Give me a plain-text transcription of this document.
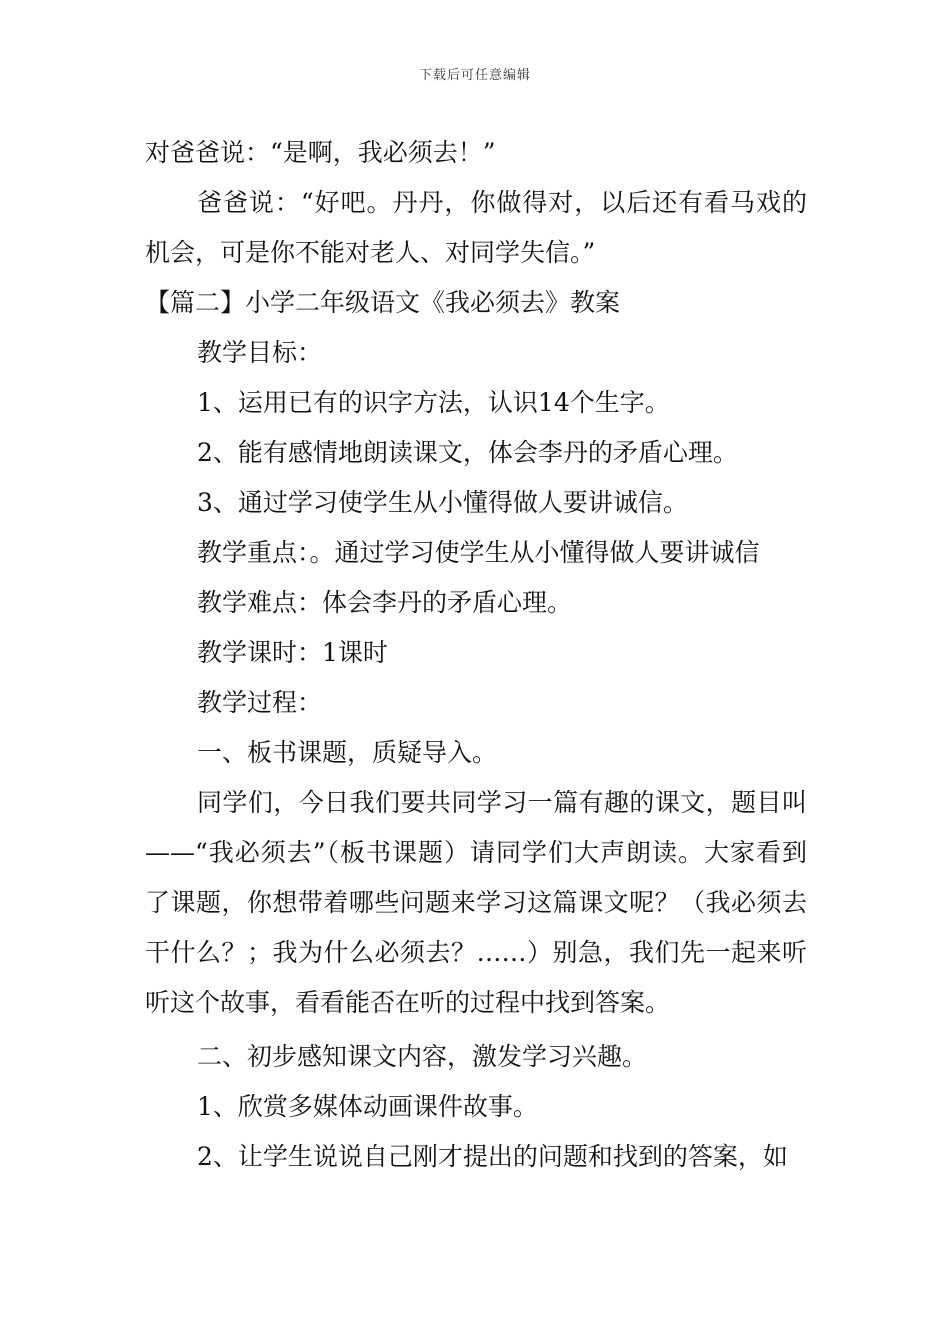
下载后可任意编辑

对爸爸说：“是啊，我必须去！”

爸爸说：“好吧。丹丹，你做得对，以后还有看马戏的机会，可是你不能对老人、对同学失信。”

【篇二】小学二年级语文《我必须去》教案

教学目标：

1、运用已有的识字方法，认识14个生字。

2、能有感情地朗读课文，体会李丹的矛盾心理。

3、通过学习使学生从小懂得做人要讲诚信。

教学重点：。通过学习使学生从小懂得做人要讲诚信

教学难点：体会李丹的矛盾心理。

教学课时：1课时

教学过程：

一、板书课题，质疑导入。

同学们，今日我们要共同学习一篇有趣的课文，题目叫——“我必须去”（板书课题）请同学们大声朗读。大家看到了课题，你想带着哪些问题来学习这篇课文呢？（我必须去干什么？；我为什么必须去？……）别急，我们先一起来听听这个故事，看看能否在听的过程中找到答案。

二、初步感知课文内容，激发学习兴趣。

1、欣赏多媒体动画课件故事。

2、让学生说说自己刚才提出的问题和找到的答案，如
